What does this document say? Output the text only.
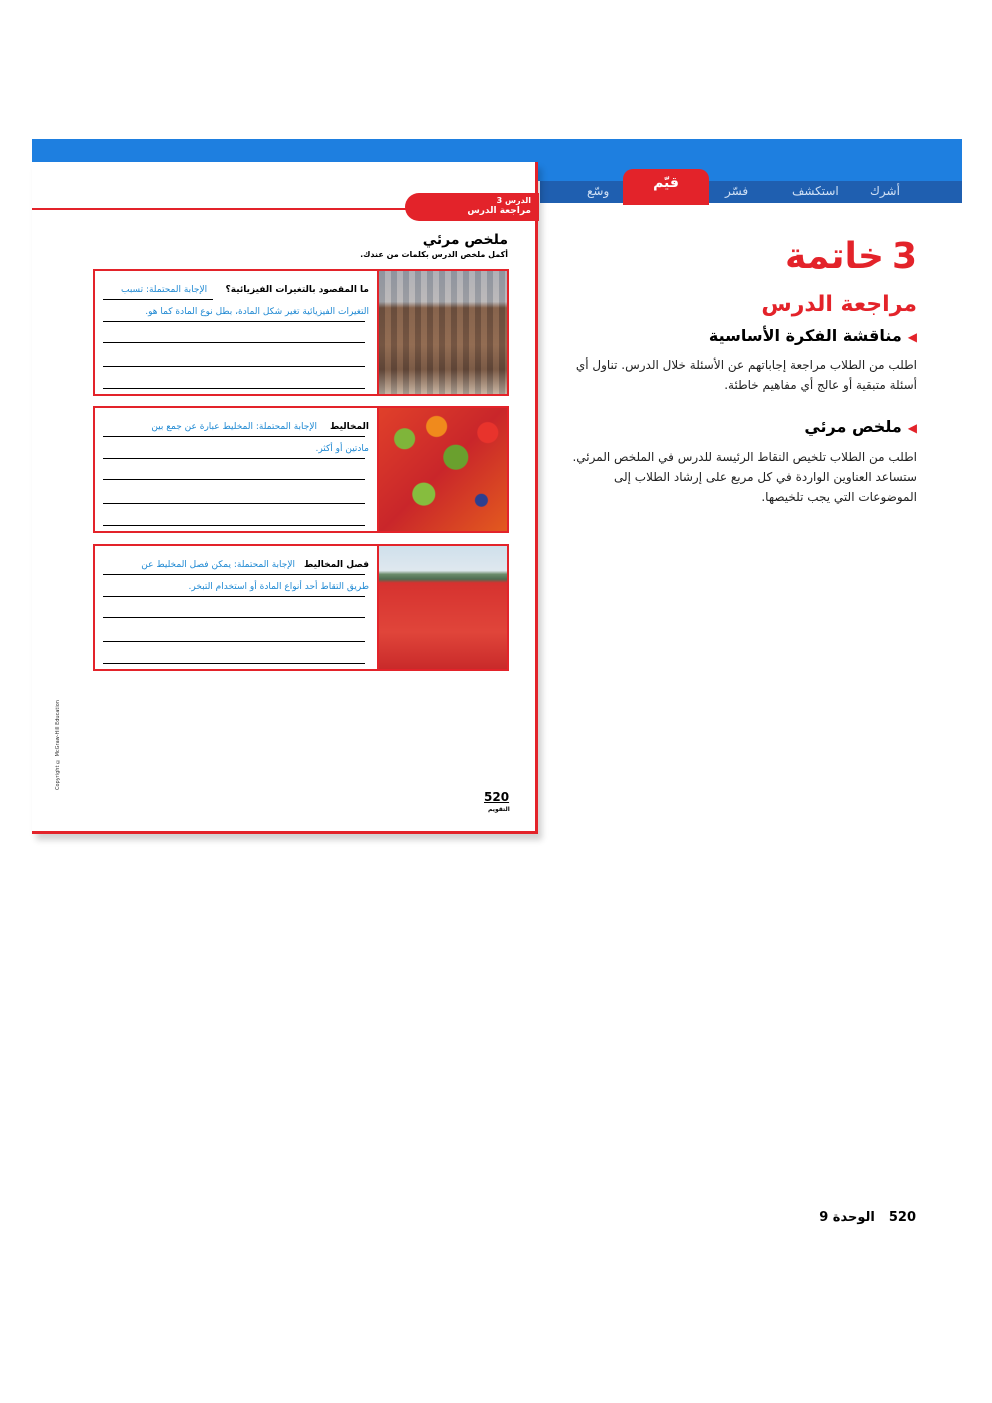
أشرك
استكشف
فسّر
وسّع	قيّم
الدرس 3
مراجعة الدرس
ملخص مرئي
أكمل ملخص الدرس بكلمات من عندك.
ما المقصود بالتغيرات الفيزيائية؟
الإجابة المحتملة: تسبب
التغيرات الفيزيائية تغير شكل المادة، بطل نوع المادة كما هو.
المخاليط
الإجابة المحتملة: المخليط عبارة عن جمع بين
مادتين أو أكثر.
فصل المخاليط
الإجابة المحتملة: يمكن فصل المخليط عن
طريق التقاط أحد أنواع المادة أو استخدام التبخر.
Copyright © McGraw-Hill Education
520
التقويم
3خاتمة
مراجعة الدرس
◀مناقشة الفكرة الأساسية
اطلب من الطلاب مراجعة إجاباتهم عن الأسئلة خلال الدرس. تناول أي أسئلة متبقية أو عالج أي مفاهيم خاطئة.
◀ملخص مرئي
اطلب من الطلاب تلخيص النقاط الرئيسة للدرس في الملخص المرئي. ستساعد العناوين الواردة في كل مربع على إرشاد الطلاب إلى الموضوعات التي يجب تلخيصها.
520الوحدة 9
